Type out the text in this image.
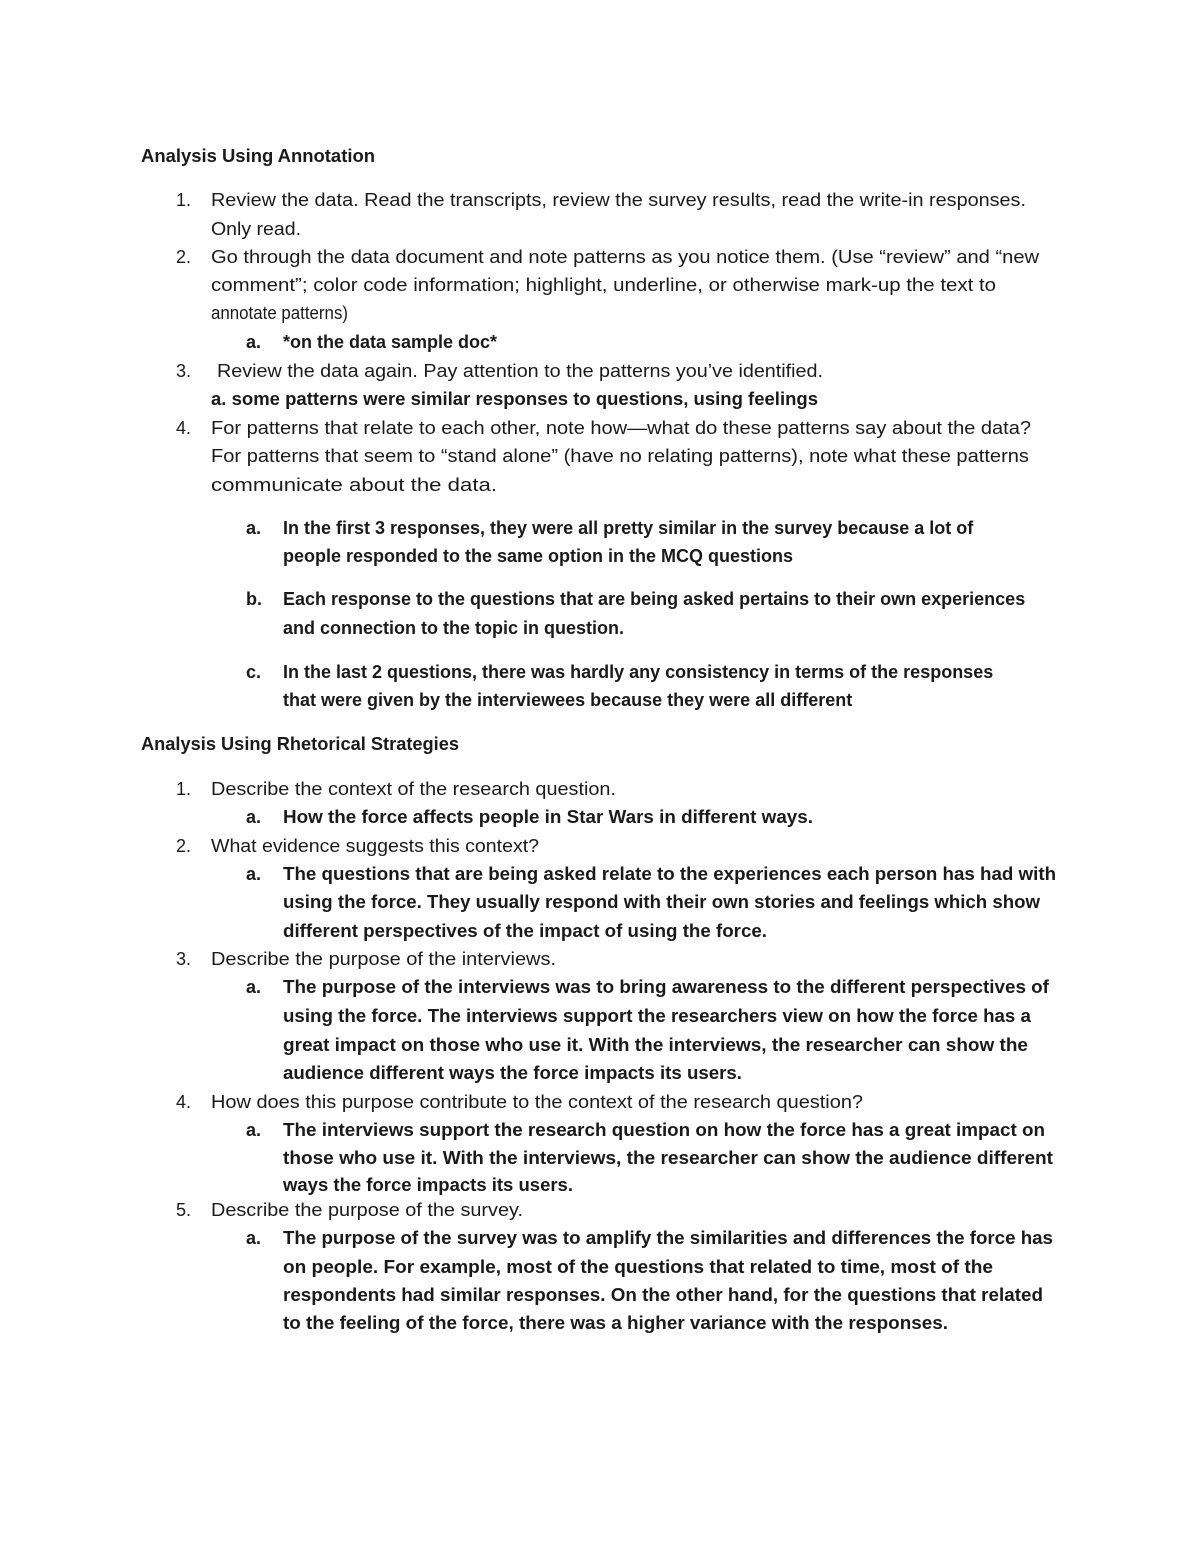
Analysis Using Annotation
1. Review the data. Read the transcripts, review the survey results, read the write-in responses.
Only read.
2. Go through the data document and note patterns as you notice them. (Use “review” and “new
comment”; color code information; highlight, underline, or otherwise mark-up the text to
annotate patterns)
a. *on the data sample doc*
3. Review the data again. Pay attention to the patterns you’ve identified.
a. some patterns were similar responses to questions, using feelings
4. For patterns that relate to each other, note how—what do these patterns say about the data?
For patterns that seem to “stand alone” (have no relating patterns), note what these patterns
communicate about the data.
a. In the first 3 responses, they were all pretty similar in the survey because a lot of
people responded to the same option in the MCQ questions
b. Each response to the questions that are being asked pertains to their own experiences
and connection to the topic in question.
c. In the last 2 questions, there was hardly any consistency in terms of the responses
that were given by the interviewees because they were all different
Analysis Using Rhetorical Strategies
1. Describe the context of the research question.
a. How the force affects people in Star Wars in different ways.
2. What evidence suggests this context?
a. The questions that are being asked relate to the experiences each person has had with
using the force. They usually respond with their own stories and feelings which show
different perspectives of the impact of using the force.
3. Describe the purpose of the interviews.
a. The purpose of the interviews was to bring awareness to the different perspectives of
using the force. The interviews support the researchers view on how the force has a
great impact on those who use it. With the interviews, the researcher can show the
audience different ways the force impacts its users.
4. How does this purpose contribute to the context of the research question?
a. The interviews support the research question on how the force has a great impact on
those who use it. With the interviews, the researcher can show the audience different
ways the force impacts its users.
5. Describe the purpose of the survey.
a. The purpose of the survey was to amplify the similarities and differences the force has
on people. For example, most of the questions that related to time, most of the
respondents had similar responses. On the other hand, for the questions that related
to the feeling of the force, there was a higher variance with the responses.
